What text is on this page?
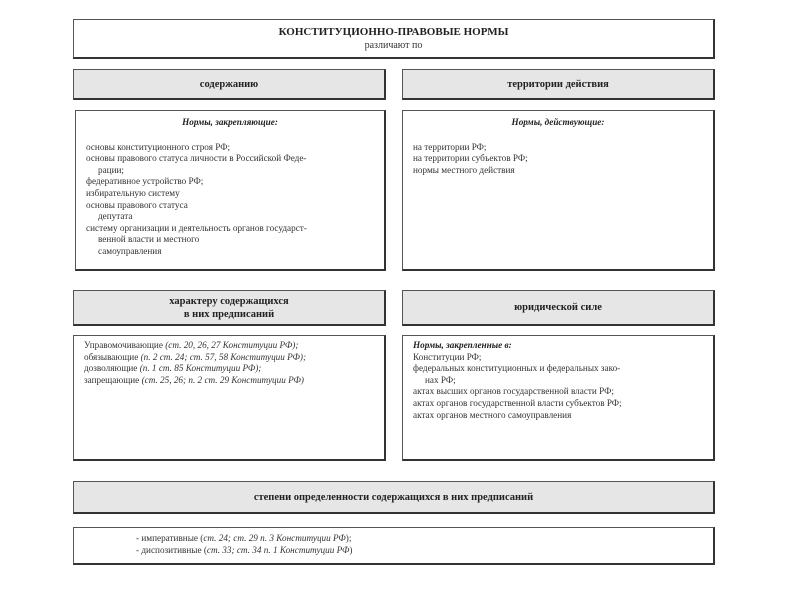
КОНСТИТУЦИОННО-ПРАВОВЫЕ НОРМЫ
различают по
содержанию	территории действия
Нормы, закрепляющие:
основы конституционного строя РФ;
основы правового статуса личности в Российской Феде-
рации;
федеративное устройство РФ;
избирательную систему
основы правового статуса
депутата
систему организации и деятельность органов государст-
венной власти и местного
самоуправления
Нормы, действующие:
на территории РФ;
на территории субъектов РФ;
нормы местного действия
характеру содержащихся
в них предписаний
юридической силе
Управомочивающие (ст. 20, 26, 27 Конституции РФ);
обязывающие (п. 2 ст. 24; ст. 57, 58 Конституции РФ);
дозволяющие (п. 1 ст. 85 Конституции РФ);
запрещающие (ст. 25, 26; п. 2 ст. 29 Конституции РФ)
Нормы, закрепленные в:
Конституции РФ;
федеральных конституционных и федеральных зако-
нах РФ;
актах высших органов государственной власти РФ;
актах органов государственной власти субъектов РФ;
актах органов местного самоуправления
степени определенности содержащихся в них предписаний
- императивные (ст. 24; ст. 29 п. 3 Конституции РФ);
- диспозитивные (ст. 33; ст. 34 п. 1 Конституции РФ)
